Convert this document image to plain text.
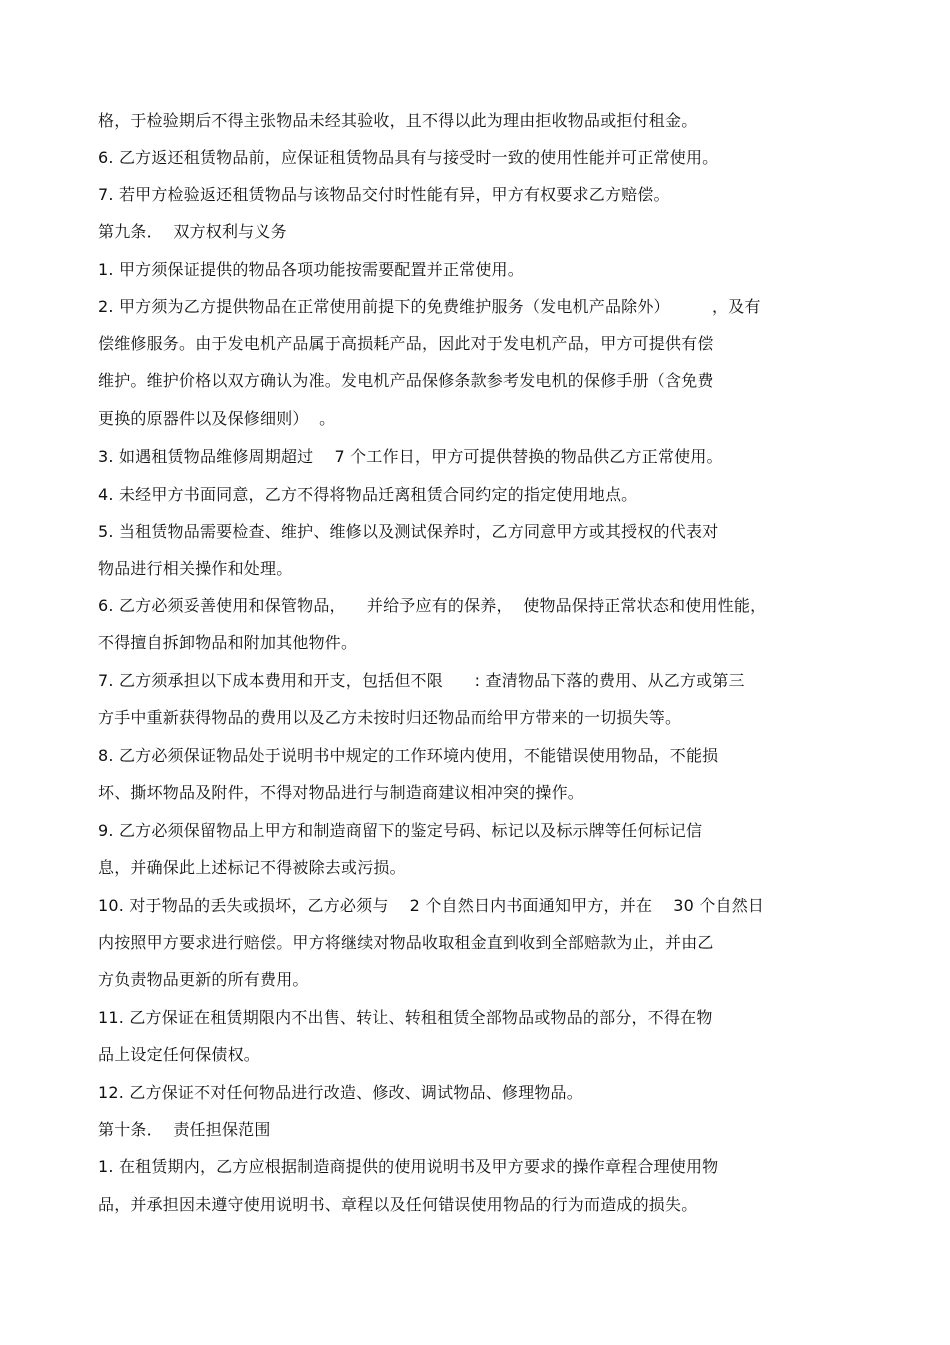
格，于检验期后不得主张物品未经其验收，且不得以此为理由拒收物品或拒付租金。
6. 乙方返还租赁物品前，应保证租赁物品具有与接受时一致的使用性能并可正常使用。
7. 若甲方检验返还租赁物品与该物品交付时性能有异，甲方有权要求乙方赔偿。
第九条．  双方权利与义务
1. 甲方须保证提供的物品各项功能按需要配置并正常使用。
2. 甲方须为乙方提供物品在正常使用前提下的免费维护服务（发电机产品除外）        ，及有
偿维修服务。由于发电机产品属于高损耗产品，因此对于发电机产品，甲方可提供有偿
维护。维护价格以双方确认为准。发电机产品保修条款参考发电机的保修手册（含免费
更换的原器件以及保修细则）  。
3. 如遇租赁物品维修周期超过    7 个工作日，甲方可提供替换的物品供乙方正常使用。
4. 未经甲方书面同意，乙方不得将物品迁离租赁合同约定的指定使用地点。
5. 当租赁物品需要检查、维护、维修以及测试保养时，乙方同意甲方或其授权的代表对
物品进行相关操作和处理。
6. 乙方必须妥善使用和保管物品，    并给予应有的保养，  使物品保持正常状态和使用性能，
不得擅自拆卸物品和附加其他物件。
7. 乙方须承担以下成本费用和开支，包括但不限      : 查清物品下落的费用、从乙方或第三
方手中重新获得物品的费用以及乙方未按时归还物品而给甲方带来的一切损失等。
8. 乙方必须保证物品处于说明书中规定的工作环境内使用，不能错误使用物品，不能损
坏、撕坏物品及附件，不得对物品进行与制造商建议相冲突的操作。
9. 乙方必须保留物品上甲方和制造商留下的鉴定号码、标记以及标示牌等任何标记信
息，并确保此上述标记不得被除去或污损。
10. 对于物品的丢失或损坏，乙方必须与    2 个自然日内书面通知甲方，并在    30 个自然日
内按照甲方要求进行赔偿。甲方将继续对物品收取租金直到收到全部赔款为止，并由乙
方负责物品更新的所有费用。
11. 乙方保证在租赁期限内不出售、转让、转租租赁全部物品或物品的部分，不得在物
品上设定任何保债权。
12. 乙方保证不对任何物品进行改造、修改、调试物品、修理物品。
第十条．  责任担保范围
1. 在租赁期内，乙方应根据制造商提供的使用说明书及甲方要求的操作章程合理使用物
品，并承担因未遵守使用说明书、章程以及任何错误使用物品的行为而造成的损失。
